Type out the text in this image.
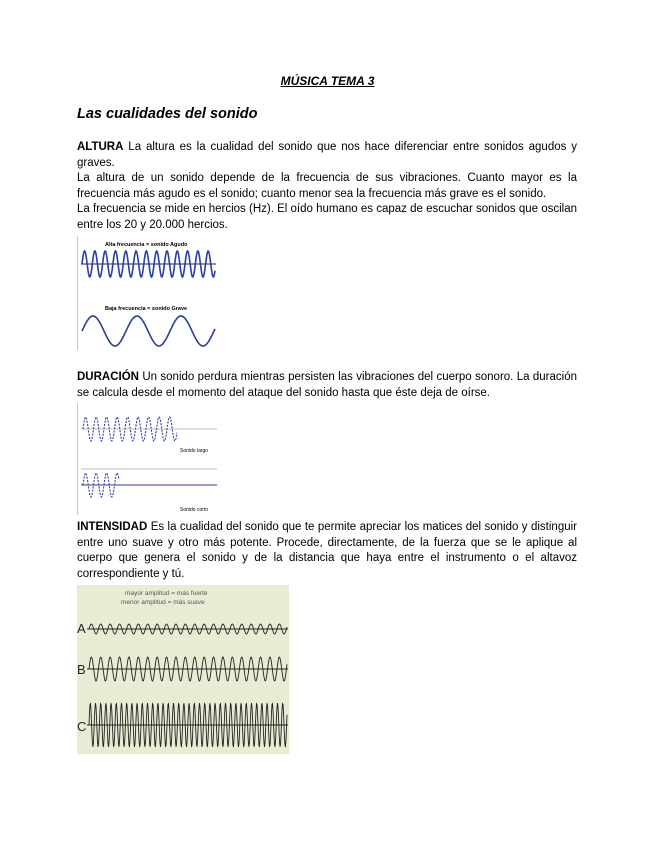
MÚSICA TEMA 3
Las cualidades del sonido

ALTURA La altura es la cualidad del sonido que nos hace diferenciar entre sonidos agudos y graves.
La altura de un sonido depende de la frecuencia de sus vibraciones. Cuanto mayor es la frecuencia más agudo es el sonido; cuanto menor sea la frecuencia más grave es el sonido.
La frecuencia se mide en hercios (Hz). El oído humano es capaz de escuchar sonidos que oscilan entre los 20 y 20.000 hercios.

Alta frecuencia = sonido Agudo
Baja frecuencia = sonido Grave

DURACIÓN Un sonido perdura mientras persisten las vibraciones del cuerpo sonoro. La duración se calcula desde el momento del ataque del sonido hasta que éste deja de oírse.

Sonido largo
Sonido corto

INTENSIDAD Es la cualidad del sonido que te permite apreciar los matices del sonido y distinguir entre uno suave y otro más potente. Procede, directamente, de la fuerza que se le aplique al cuerpo que genera el sonido y de la distancia que haya entre el instrumento o el altavoz correspondiente y tú.

mayor amplitud = más fuerte
menor amplitud = más suave
A
B
C
